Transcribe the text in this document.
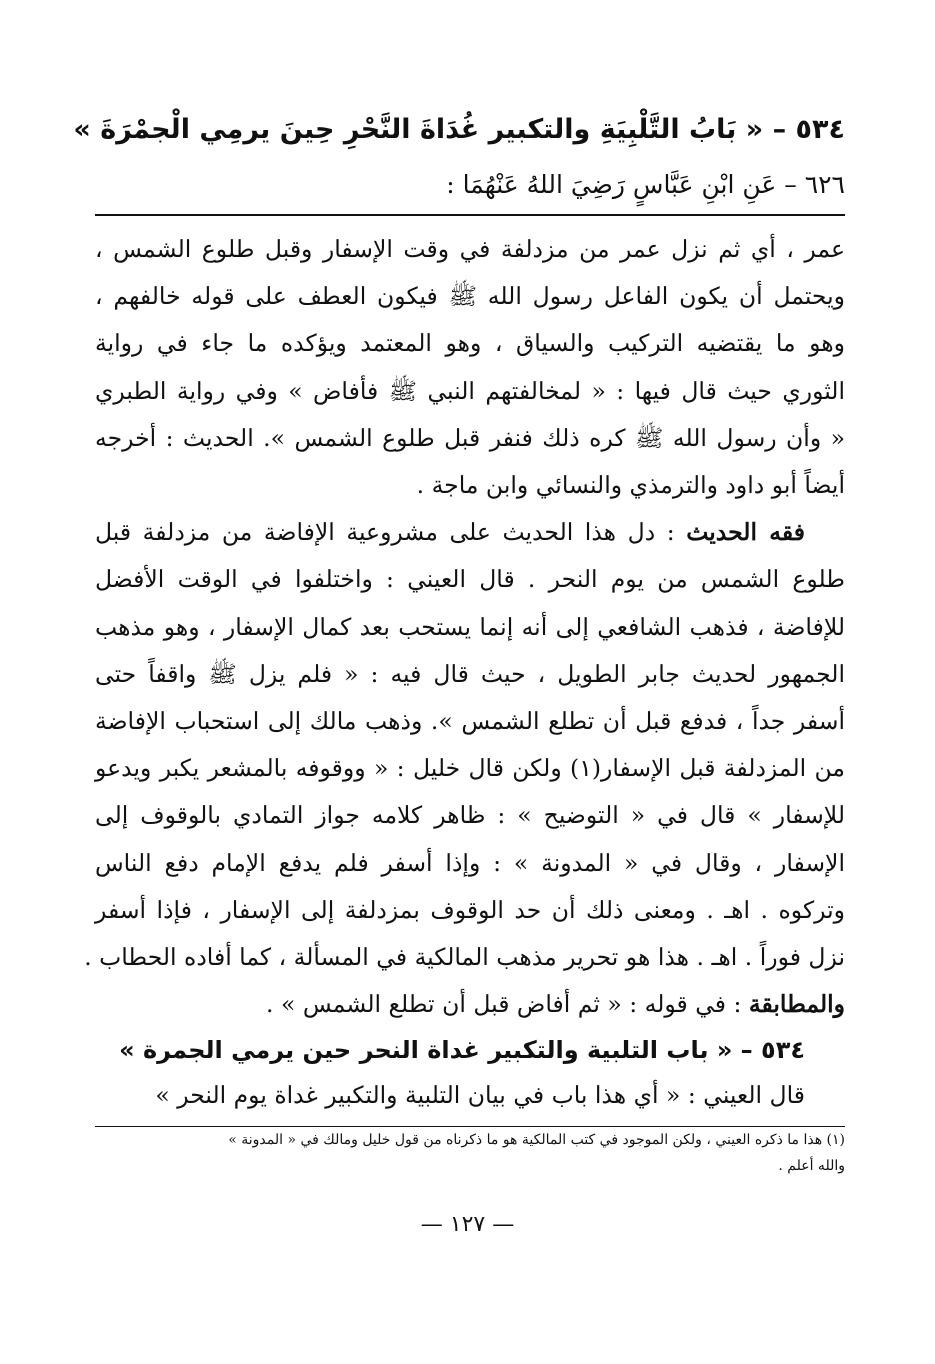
٥٣٤ – « بَابُ التَّلْبِيَةِ والتكبير غُدَاةَ النَّحْرِ حِينَ يرمِي الْجمْرَةَ »
٦٢٦ – عَنِ ابْنِ عَبَّاسٍ رَضِيَ اللهُ عَنْهُمَا :
عمر ، أي ثم نزل عمر من مزدلفة في وقت الإسفار وقبل طلوع الشمس ،
ويحتمل أن يكون الفاعل رسول الله ﷺ فيكون العطف على قوله خالفهم ،
وهو ما يقتضيه التركيب والسياق ، وهو المعتمد ويؤكده ما جاء في رواية
الثوري حيث قال فيها : « لمخالفتهم النبي ﷺ فأفاض » وفي رواية الطبري
« وأن رسول الله ﷺ كره ذلك فنفر قبل طلوع الشمس ». الحديث : أخرجه
أيضاً أبو داود والترمذي والنسائي وابن ماجة .
فقه الحديث : دل هذا الحديث على مشروعية الإفاضة من مزدلفة قبل
طلوع الشمس من يوم النحر . قال العيني : واختلفوا في الوقت الأفضل
للإفاضة ، فذهب الشافعي إلى أنه إنما يستحب بعد كمال الإسفار ، وهو مذهب
الجمهور لحديث جابر الطويل ، حيث قال فيه : « فلم يزل ﷺ واقفاً حتى
أسفر جداً ، فدفع قبل أن تطلع الشمس ». وذهب مالك إلى استحباب الإفاضة
من المزدلفة قبل الإسفار(١) ولكن قال خليل : « ووقوفه بالمشعر يكبر ويدعو
للإسفار » قال في « التوضيح » : ظاهر كلامه جواز التمادي بالوقوف إلى
الإسفار ، وقال في « المدونة » : وإذا أسفر فلم يدفع الإمام دفع الناس
وتركوه . اهـ . ومعنى ذلك أن حد الوقوف بمزدلفة إلى الإسفار ، فإذا أسفر
نزل فوراً . اهـ . هذا هو تحرير مذهب المالكية في المسألة ، كما أفاده الحطاب .
والمطابقة : في قوله : « ثم أفاض قبل أن تطلع الشمس » .
٥٣٤ – « باب التلبية والتكبير غداة النحر حين يرمي الجمرة »
قال العيني : « أي هذا باب في بيان التلبية والتكبير غداة يوم النحر »
(١) هذا ما ذكره العيني ، ولكن الموجود في كتب المالكية هو ما ذكرناه من قول خليل ومالك في « المدونة »
والله أعلم .
— ١٢٧ —
